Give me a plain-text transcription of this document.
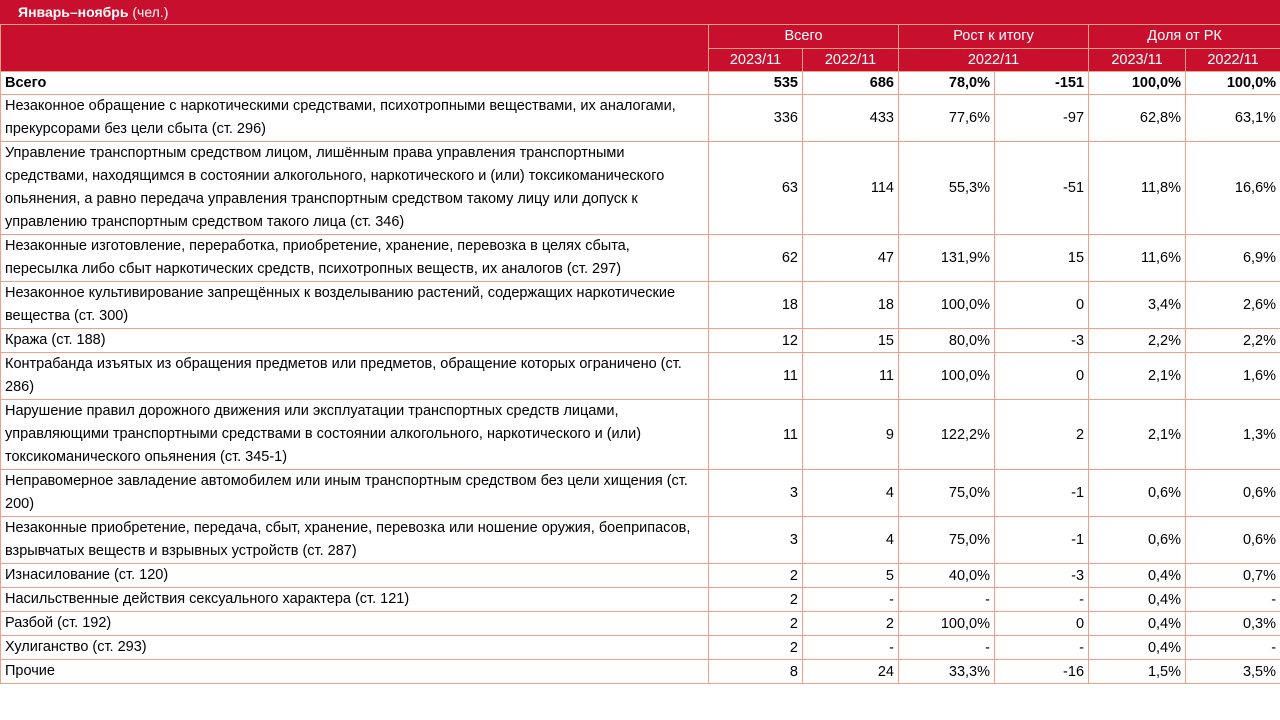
Январь–ноябрь (чел.)
	Всего		Рост к итогу		Доля от РК	
	2023/11	2022/11	2022/11		2023/11	2022/11
Всего	535	686	78,0%	-151	100,0%	100,0%
Незаконное обращение с наркотическими средствами, психотропными веществами, их аналогами, прекурсорами без цели сбыта (ст. 296)	336	433	77,6%	-97	62,8%	63,1%
Управление транспортным средством лицом, лишённым права управления транспортными средствами, находящимся в состоянии алкогольного, наркотического и (или) токсикоманического опьянения, а равно передача управления транспортным средством такому лицу или допуск к управлению транспортным средством такого лица (ст. 346)	63	114	55,3%	-51	11,8%	16,6%
Незаконные изготовление, переработка, приобретение, хранение, перевозка в целях сбыта, пересылка либо сбыт наркотических средств, психотропных веществ, их аналогов (ст. 297)	62	47	131,9%	15	11,6%	6,9%
Незаконное культивирование запрещённых к возделыванию растений, содержащих наркотические вещества (ст. 300)	18	18	100,0%	0	3,4%	2,6%
Кража (ст. 188)	12	15	80,0%	-3	2,2%	2,2%
Контрабанда изъятых из обращения предметов или предметов, обращение которых ограничено (ст. 286)	11	11	100,0%	0	2,1%	1,6%
Нарушение правил дорожного движения или эксплуатации транспортных средств лицами, управляющими транспортными средствами в состоянии алкогольного, наркотического и (или) токсикоманического опьянения (ст. 345-1)	11	9	122,2%	2	2,1%	1,3%
Неправомерное завладение автомобилем или иным транспортным средством без цели хищения (ст. 200)	3	4	75,0%	-1	0,6%	0,6%
Незаконные приобретение, передача, сбыт, хранение, перевозка или ношение оружия, боеприпасов, взрывчатых веществ и взрывных устройств (ст. 287)	3	4	75,0%	-1	0,6%	0,6%
Изнасилование (ст. 120)	2	5	40,0%	-3	0,4%	0,7%
Насильственные действия сексуального характера (ст. 121)	2	-	-	-	0,4%	-
Разбой (ст. 192)	2	2	100,0%	0	0,4%	0,3%
Хулиганство (ст. 293)	2	-	-	-	0,4%	-
Прочие	8	24	33,3%	-16	1,5%	3,5%
